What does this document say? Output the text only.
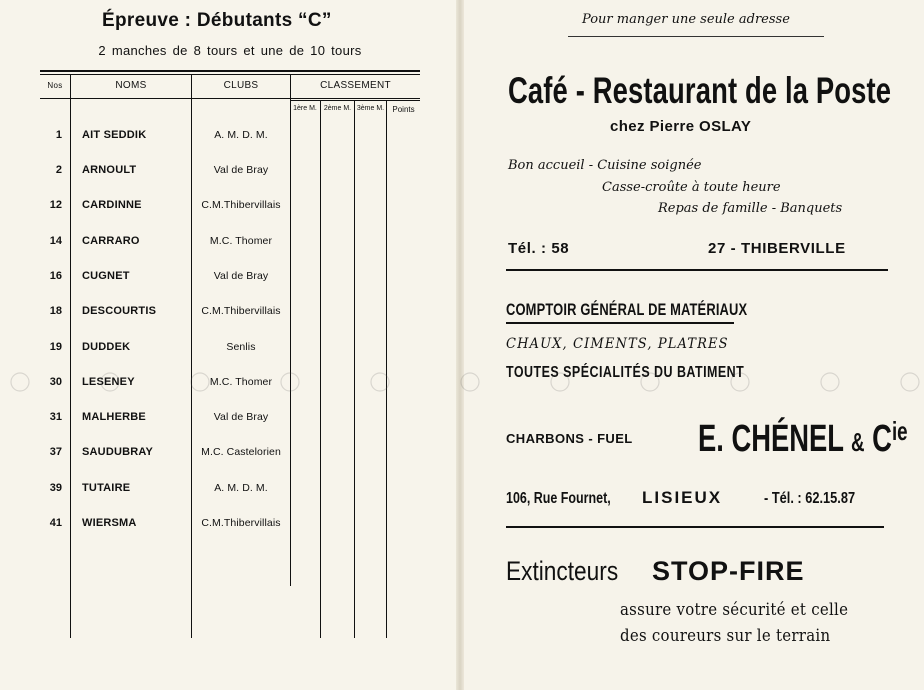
Épreuve : Débutants “C”
2 manches de 8 tours et une de 10 tours
Nos	NOMS	CLUBS	CLASSEMENT
1ère M.	2ème M. 3ème M.	Points
1 AIT SEDDIK	A. M. D. M.
2 ARNOULT	Val de Bray
12 CARDINNE	C.M.Thibervillais
14 CARRARO	M.C. Thomer
16 CUGNET	Val de Bray
18 DESCOURTIS	C.M.Thibervillais
19 DUDDEK	Senlis
30 LESENEY	M.C. Thomer
31 MALHERBE	Val de Bray
37 SAUDUBRAY	M.C. Castelorien
39 TUTAIRE	A. M. D. M.
41 WIERSMA	C.M.Thibervillais
Pour manger une seule adresse
Café - Restaurant de la Poste
chez Pierre OSLAY
Bon accueil - Cuisine soignée
Casse-croûte à toute heure
Repas de famille - Banquets
Tél. : 58	27 - THIBERVILLE
COMPTOIR GÉNÉRAL DE MATÉRIAUX
CHAUX, CIMENTS, PLATRES
TOUTES SPÉCIALITÉS DU BATIMENT
CHARBONS - FUEL E. CHÉNEL & $C^{ie}$
106, Rue Fournet, LISIEUX	- Tél. : 62.15.87
Extincteurs STOP-FIRE
assure votre sécurité et celle
des coureurs sur le terrain
